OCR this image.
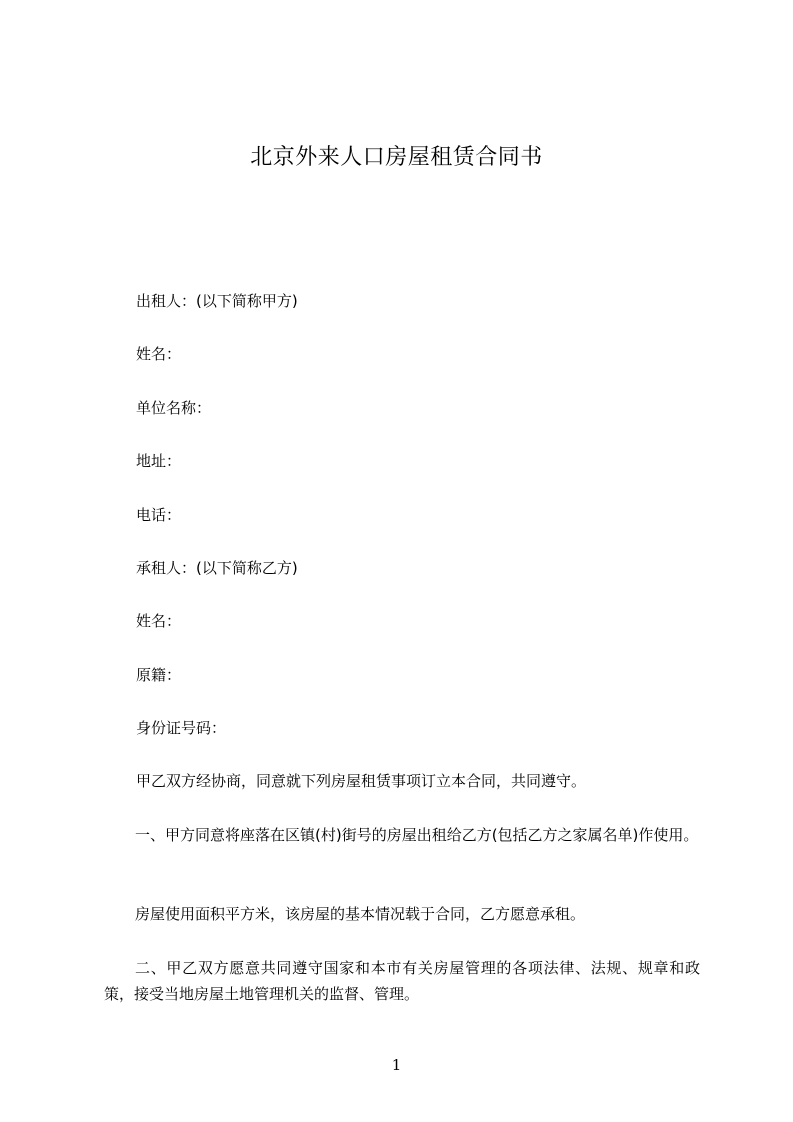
北京外来人口房屋租赁合同书

出租人：(以下简称甲方)

姓名：

单位名称：

地址：

电话：

承租人：(以下简称乙方)

姓名：

原籍：

身份证号码：

甲乙双方经协商，同意就下列房屋租赁事项订立本合同，共同遵守。

一、甲方同意将座落在区镇(村)街号的房屋出租给乙方(包括乙方之家属名单)作使用。

房屋使用面积平方米，该房屋的基本情况载于合同，乙方愿意承租。

二、甲乙双方愿意共同遵守国家和本市有关房屋管理的各项法律、法规、规章和政策，接受当地房屋土地管理机关的监督、管理。

1
